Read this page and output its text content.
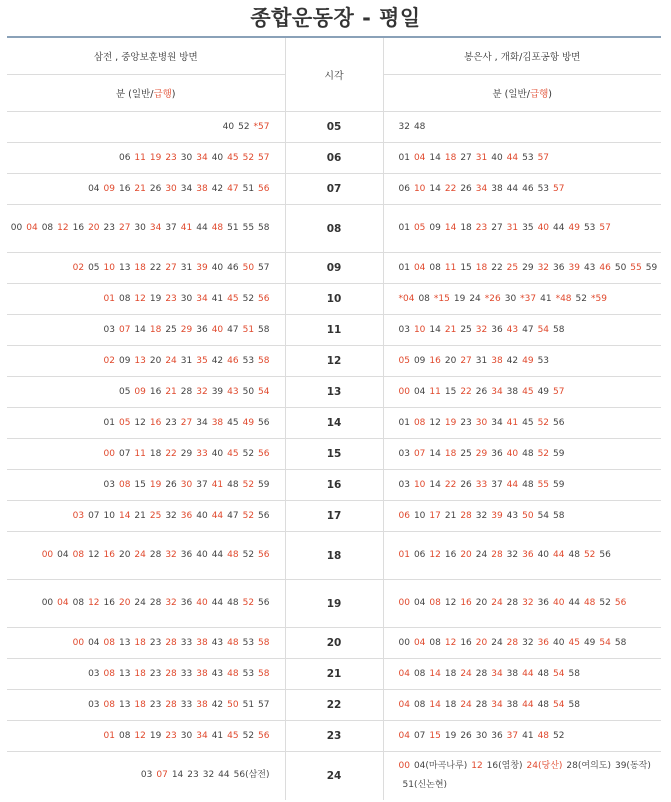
종합운동장 - 평일
삼전 , 중앙보훈병원 방면	시각	봉은사 , 개화/김포공항 방면
분 (일반/급행)		분 (일반/급행)
40 52 *57	05	32 48
06 11 19 23 30 34 40 45 52 57	06	01 04 14 18 27 31 40 44 53 57
04 09 16 21 26 30 34 38 42 47 51 56	07	06 10 14 22 26 34 38 44 46 53 57
00 04 08 12 16 20 23 27 30 34 37 41 44 48 51 55 58	08	01 05 09 14 18 23 27 31 35 40 44 49 53 57
02 05 10 13 18 22 27 31 39 40 46 50 57	09	01 04 08 11 15 18 22 25 29 32 36 39 43 46 50 55 59
01 08 12 19 23 30 34 41 45 52 56	10	*04 08 *15 19 24 *26 30 *37 41 *48 52 *59
03 07 14 18 25 29 36 40 47 51 58	11	03 10 14 21 25 32 36 43 47 54 58
02 09 13 20 24 31 35 42 46 53 58	12	05 09 16 20 27 31 38 42 49 53
05 09 16 21 28 32 39 43 50 54	13	00 04 11 15 22 26 34 38 45 49 57
01 05 12 16 23 27 34 38 45 49 56	14	01 08 12 19 23 30 34 41 45 52 56
00 07 11 18 22 29 33 40 45 52 56	15	03 07 14 18 25 29 36 40 48 52 59
03 08 15 19 26 30 37 41 48 52 59	16	03 10 14 22 26 33 37 44 48 55 59
03 07 10 14 21 25 32 36 40 44 47 52 56	17	06 10 17 21 28 32 39 43 50 54 58
00 04 08 12 16 20 24 28 32 36 40 44 48 52 56	18	01 06 12 16 20 24 28 32 36 40 44 48 52 56
00 04 08 12 16 20 24 28 32 36 40 44 48 52 56	19	00 04 08 12 16 20 24 28 32 36 40 44 48 52 56
00 04 08 13 18 23 28 33 38 43 48 53 58	20	00 04 08 12 16 20 24 28 32 36 40 45 49 54 58
03 08 13 18 23 28 33 38 43 48 53 58	21	04 08 14 18 24 28 34 38 44 48 54 58
03 08 13 18 23 28 33 38 42 50 51 57	22	04 08 14 18 24 28 34 38 44 48 54 58
01 08 12 19 23 30 34 41 45 52 56	23	04 07 15 19 26 30 36 37 41 48 52
03 07 14 23 32 44 56(삼전)	24	00 04(마곡나루) 12 16(염창) 24(당산) 28(여의도) 39(동작)51(신논현)
